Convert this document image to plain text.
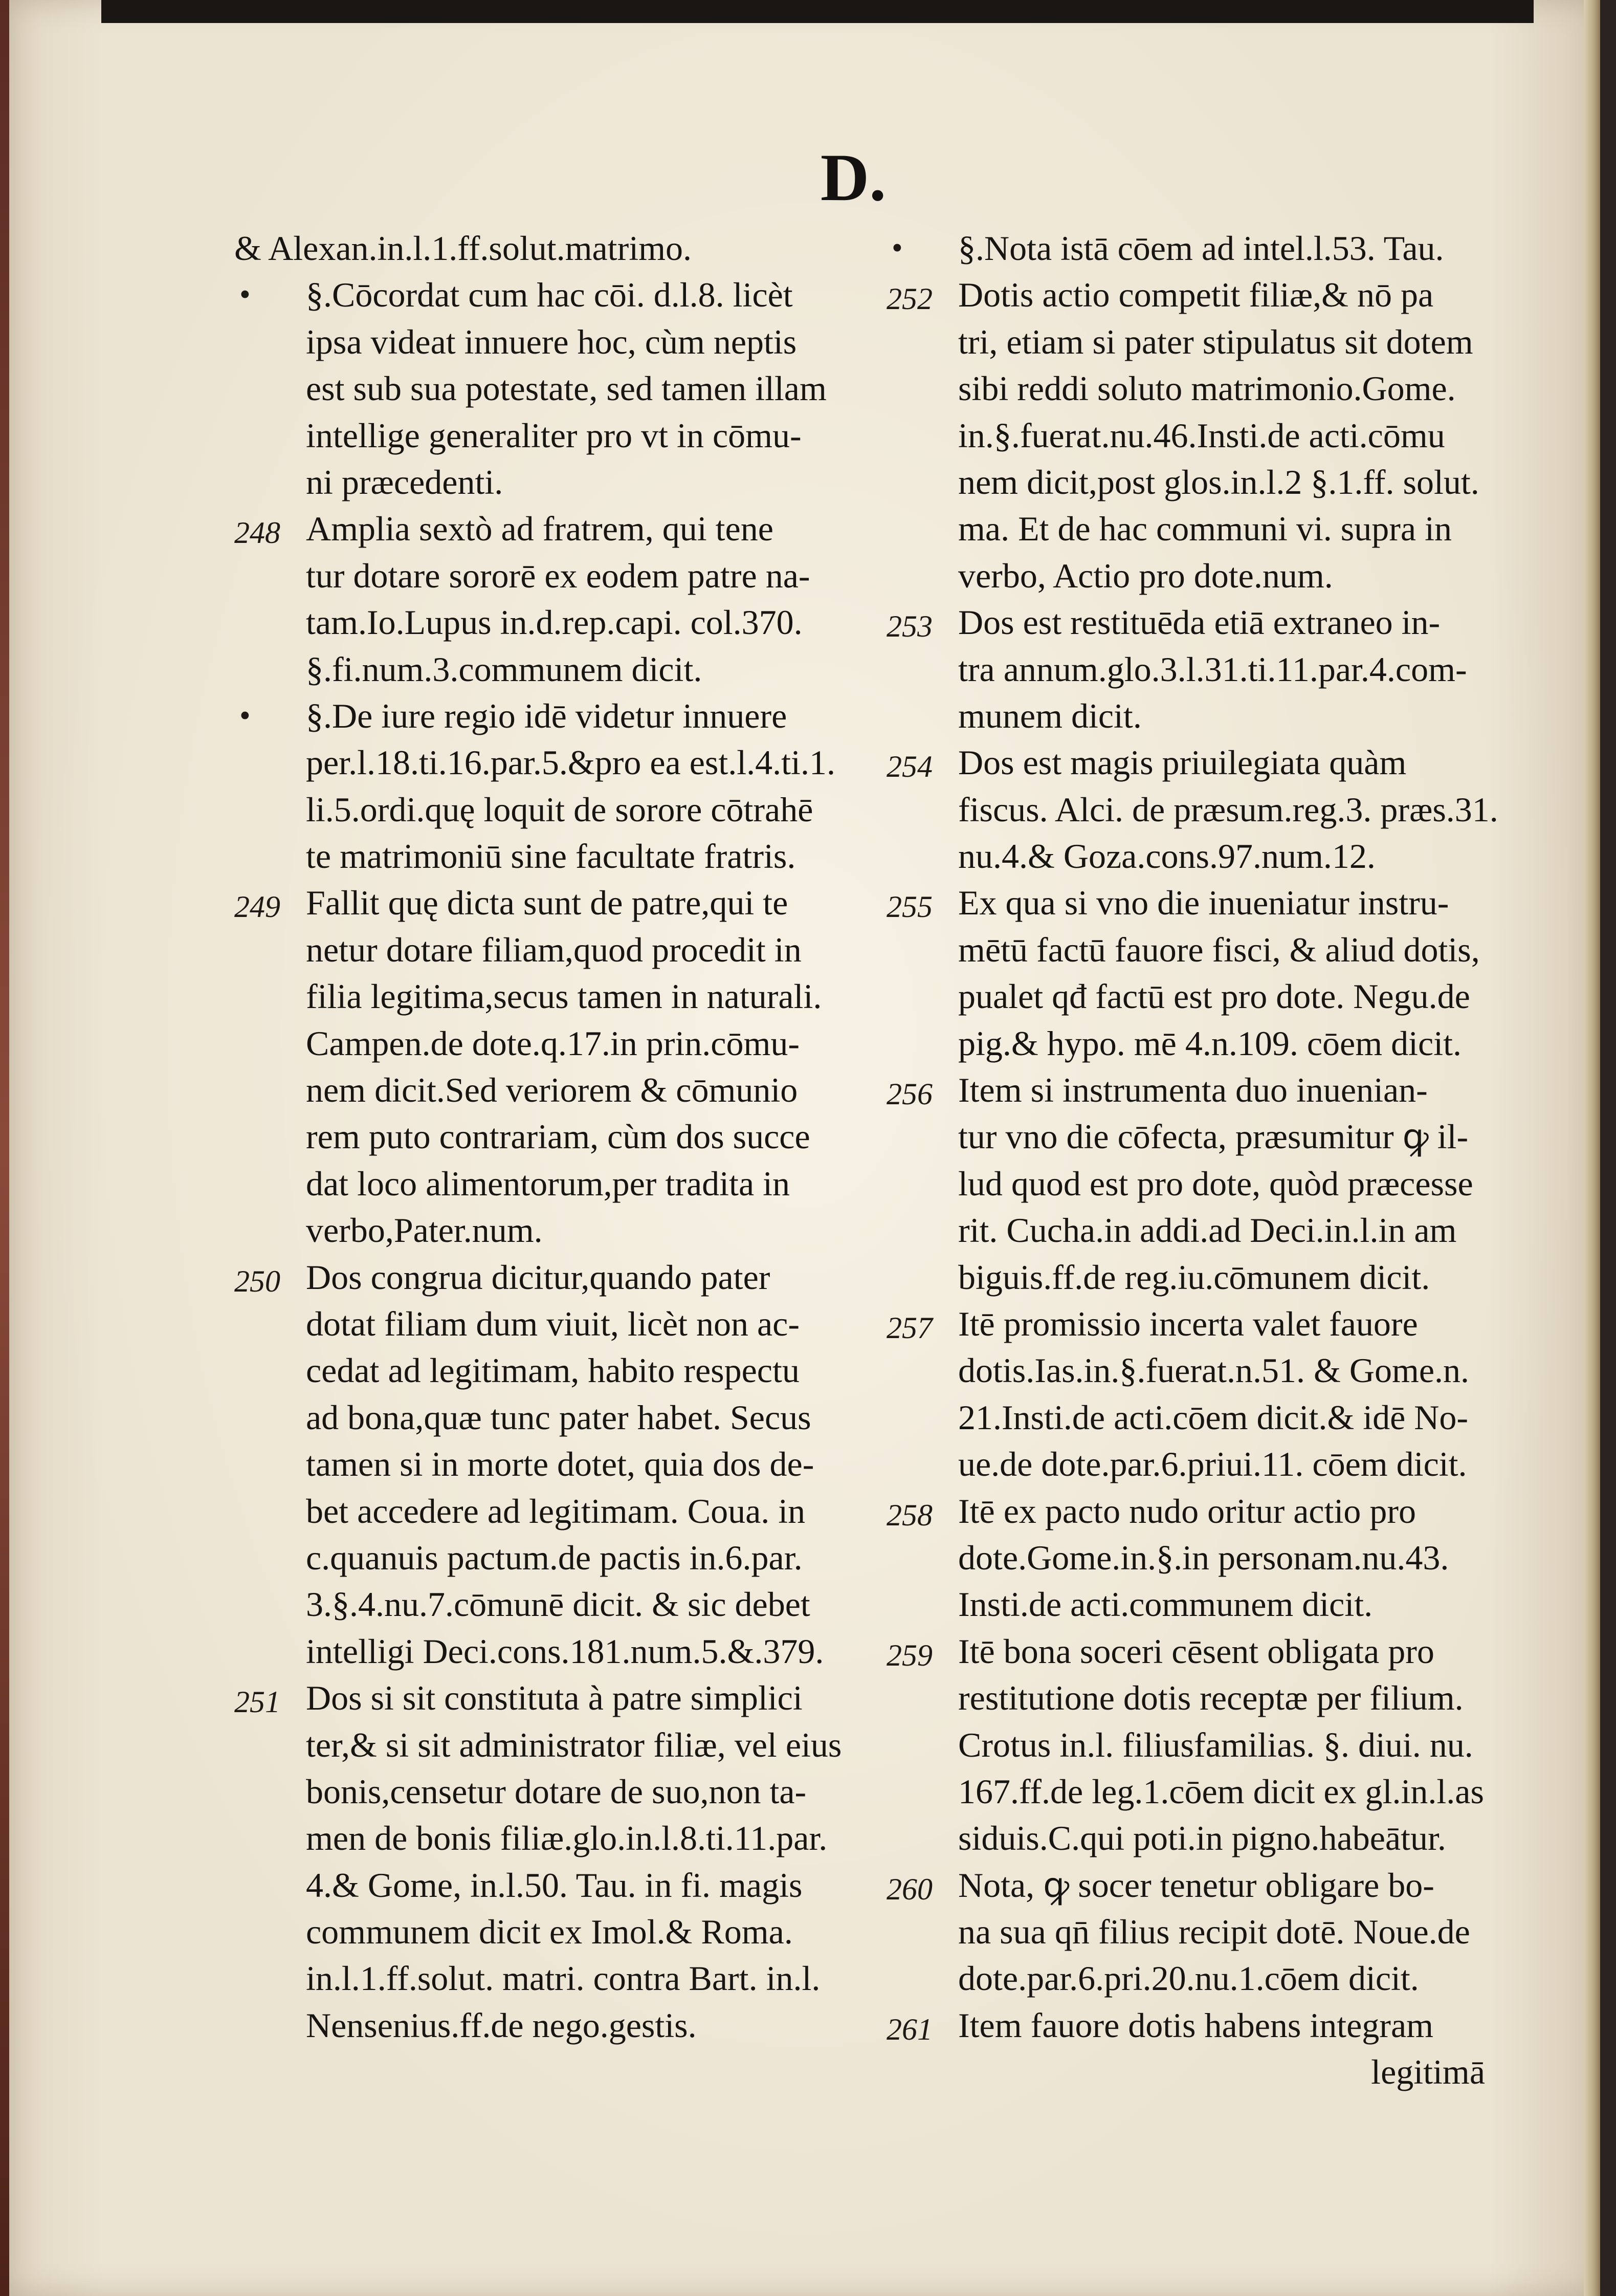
D.
& Alexan.in.l.1.ff.solut.matrimo.
• §.Cōcordat cum hac cōi. d.l.8. licèt
ipsa videat innuere hoc, cùm neptis
est sub sua potestate, sed tamen illam
intellige generaliter pro vt in cōmu-
ni præcedenti.
248 Amplia sextò ad fratrem, qui tene
tur dotare sororē ex eodem patre na-
tam.Io.Lupus in.d.rep.capi. col.370.
§.fi.num.3.communem dicit.
• §.De iure regio idē videtur innuere
per.l.18.ti.16.par.5.&pro ea est.l.4.ti.1.
li.5.ordi.quę loquit de sorore cōtrahē
te matrimoniū sine facultate fratris.
249 Fallit quę dicta sunt de patre,qui te
netur dotare filiam,quod procedit in
filia legitima,secus tamen in naturali.
Campen.de dote.q.17.in prin.cōmu-
nem dicit.Sed veriorem & cōmunio
rem puto contrariam, cùm dos succe
dat loco alimentorum,per tradita in
verbo,Pater.num.
250 Dos congrua dicitur,quando pater
dotat filiam dum viuit, licèt non ac-
cedat ad legitimam, habito respectu
ad bona,quæ tunc pater habet. Secus
tamen si in morte dotet, quia dos de-
bet accedere ad legitimam. Coua. in
c.quanuis pactum.de pactis in.6.par.
3.§.4.nu.7.cōmunē dicit. & sic debet
intelligi Deci.cons.181.num.5.&.379.
251 Dos si sit constituta à patre simplici
ter,& si sit administrator filiæ, vel eius
bonis,censetur dotare de suo,non ta-
men de bonis filiæ.glo.in.l.8.ti.11.par.
4.& Gome, in.l.50. Tau. in fi. magis
communem dicit ex Imol.& Roma.
in.l.1.ff.solut. matri. contra Bart. in.l.
Nensenius.ff.de nego.gestis.
• §.Nota istā cōem ad intel.l.53. Tau.
252 Dotis actio competit filiæ,& nō pa
tri, etiam si pater stipulatus sit dotem
sibi reddi soluto matrimonio.Gome.
in.§.fuerat.nu.46.Insti.de acti.cōmu
nem dicit,post glos.in.l.2 §.1.ff. solut.
ma. Et de hac communi vi. supra in
verbo, Actio pro dote.num.
253 Dos est restituēda etiā extraneo in-
tra annum.glo.3.l.31.ti.11.par.4.com-
munem dicit.
254 Dos est magis priuilegiata quàm
fiscus. Alci. de præsum.reg.3. præs.31.
nu.4.& Goza.cons.97.num.12.
255 Ex qua si vno die inueniatur instru-
mētū factū fauore fisci, & aliud dotis,
pualet qđ factū est pro dote. Negu.de
pig.& hypo. mē 4.n.109. cōem dicit.
256 Item si instrumenta duo inuenian-
tur vno die cōfecta, præsumitur ꝙ il-
lud quod est pro dote, quòd præcesse
rit. Cucha.in addi.ad Deci.in.l.in am
biguis.ff.de reg.iu.cōmunem dicit.
257 Itē promissio incerta valet fauore
dotis.Ias.in.§.fuerat.n.51. & Gome.n.
21.Insti.de acti.cōem dicit.& idē No-
ue.de dote.par.6.priui.11. cōem dicit.
258 Itē ex pacto nudo oritur actio pro
dote.Gome.in.§.in personam.nu.43.
Insti.de acti.communem dicit.
259 Itē bona soceri cēsent obligata pro
restitutione dotis receptæ per filium.
Crotus in.l. filiusfamilias. §. diui. nu.
167.ff.de leg.1.cōem dicit ex gl.in.l.as
siduis.C.qui poti.in pigno.habeātur.
260 Nota, ꝙ socer tenetur obligare bo-
na sua qn̄ filius recipit dotē. Noue.de
dote.par.6.pri.20.nu.1.cōem dicit.
261 Item fauore dotis habens integram
legitimā
